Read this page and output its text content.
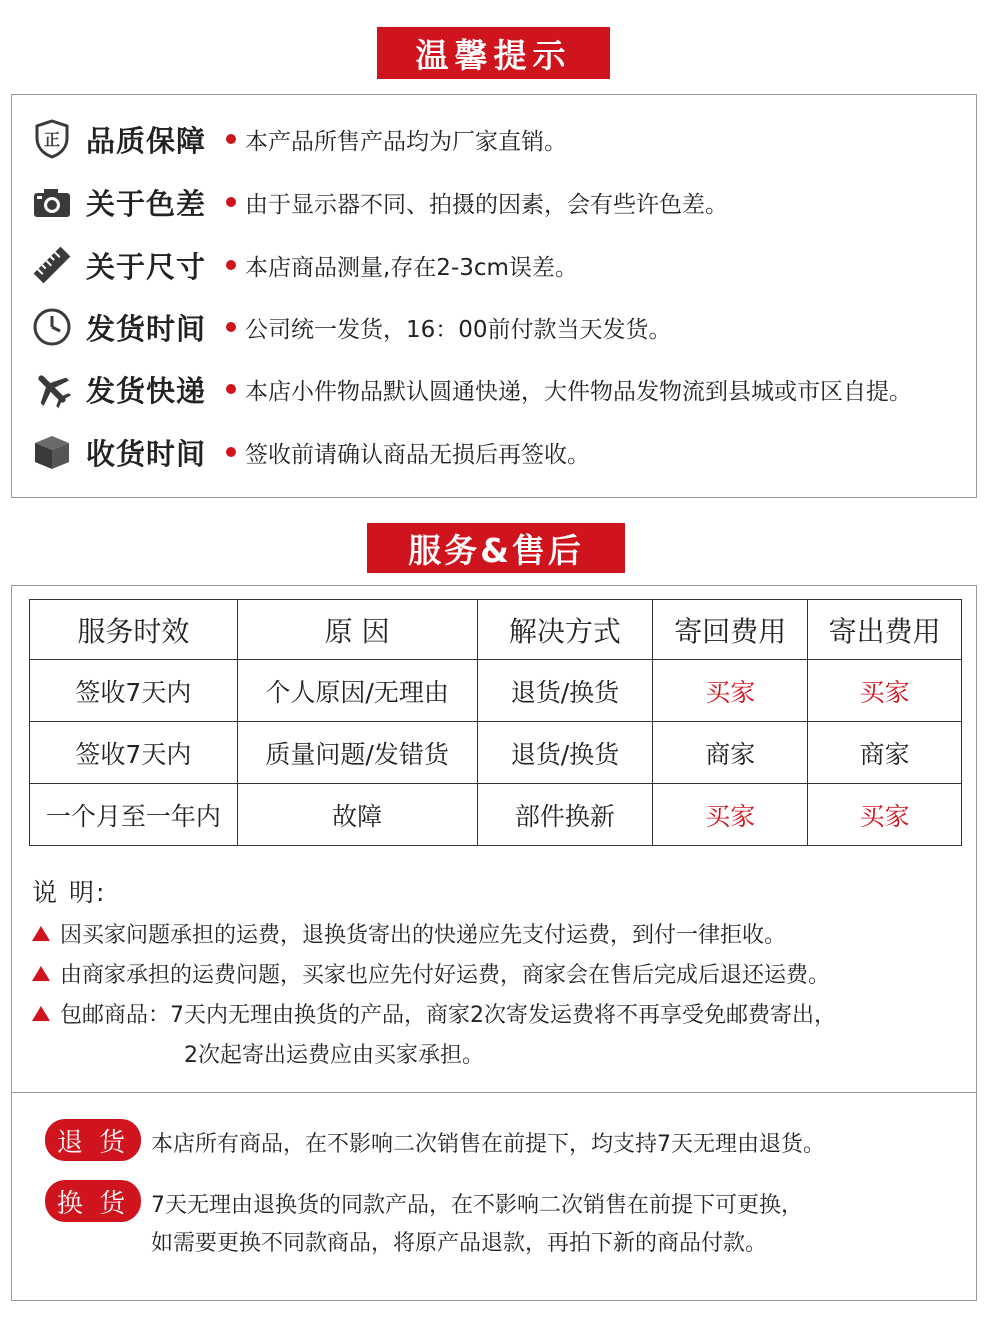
温馨提示
正 品质保障	本产品所售产品均为厂家直销。
关于色差	由于显示器不同、拍摄的因素，会有些许色差。
关于尺寸	本店商品测量,存在2-3cm误差。
发货时间	公司统一发货，16：00前付款当天发货。
发货快递	本店小件物品默认圆通快递，大件物品发物流到县城或市区自提。
收货时间	签收前请确认商品无损后再签收。
服务&售后
服务时效	原 因	解决方式	寄回费用	寄出费用
签收7天内	个人原因/无理由	退货/换货	买家	买家
签收7天内	质量问题/发错货	退货/换货	商家	商家
一个月至一年内	故障	部件换新	买家	买家
说 明:
因买家问题承担的运费，退换货寄出的快递应先支付运费，到付一律拒收。
由商家承担的运费问题，买家也应先付好运费，商家会在售后完成后退还运费。
包邮商品：7天内无理由换货的产品，商家2次寄发运费将不再享受免邮费寄出，
2次起寄出运费应由买家承担。
退 货 本店所有商品，在不影响二次销售在前提下，均支持7天无理由退货。
换 货 7天无理由退换货的同款产品，在不影响二次销售在前提下可更换，
如需要更换不同款商品，将原产品退款，再拍下新的商品付款。
